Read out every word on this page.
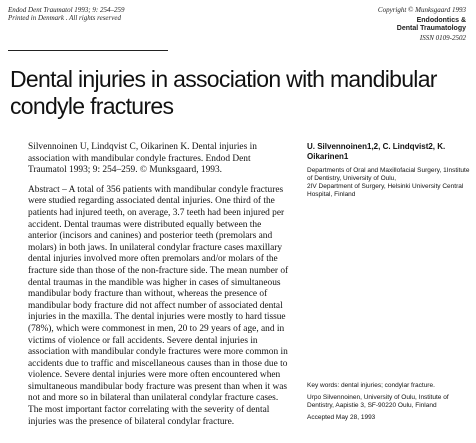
Endod Dent Traumatol 1993; 9: 254–259
Printed in Denmark . All rights reserved
Copyright © Munksgaard 1993
Endodontics &
Dental Traumatology
ISSN 0109-2502
Dental injuries in association with mandibular condyle fractures

Silvennoinen U, Lindqvist C, Oikarinen K. Dental injuries in association with mandibular condyle fractures. Endod Dent Traumatol 1993; 9: 254–259. © Munksgaard, 1993.

Abstract – A total of 356 patients with mandibular condyle fractures were studied regarding associated dental injuries. One third of the patients had injured teeth, on average, 3.7 teeth had been injured per accident. Dental traumas were distributed equally between the anterior (incisors and canines) and posterior teeth (premolars and molars) in both jaws. In unilateral condylar fracture cases maxillary dental injuries involved more often premolars and/or molars of the fracture side than those of the non-fracture side. The mean number of dental traumas in the mandible was higher in cases of simultaneous mandibular body fracture than without, whereas the presence of mandibular body fracture did not affect number of associated dental injuries in the maxilla. The dental injuries were mostly to hard tissue (78%), which were commonest in men, 20 to 29 years of age, and in victims of violence or fall accidents. Severe dental injuries in association with mandibular condyle fractures were more common in accidents due to traffic and miscellaneous causes than in those due to violence. Severe dental injuries were more often encountered when simultaneous mandibular body fracture was present than when it was not and more so in bilateral than unilateral condylar fracture cases. The most important factor correlating with the severity of dental injuries was the presence of bilateral condylar fracture.

U. Silvennoinen1,2, C. Lindqvist2, K. Oikarinen1

Departments of Oral and Maxillofacial Surgery, 1Institute of Dentistry, University of Oulu,
2IV Department of Surgery, Helsinki University Central Hospital, Finland

Key words: dental injuries; condylar fracture.

Urpo Silvennoinen, University of Oulu, Institute of Dentistry, Aapistie 3, SF-90220 Oulu, Finland

Accepted May 28, 1993
